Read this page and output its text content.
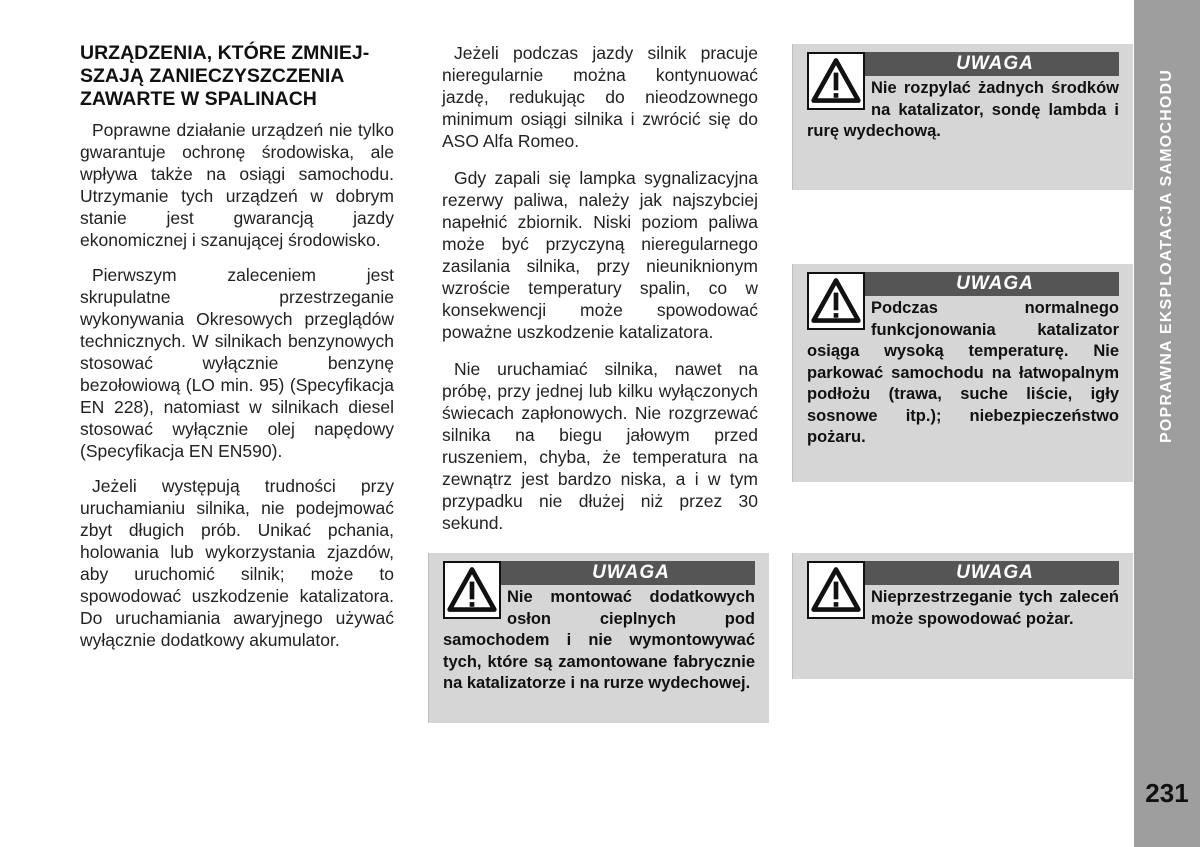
URZĄDZENIA, KTÓRE ZMNIEJ-SZAJĄ ZANIECZYSZCZENIA ZAWARTE W SPALINACH

Poprawne działanie urządzeń nie tylko gwarantuje ochronę środowiska, ale wpływa także na osiągi samochodu. Utrzymanie tych urządzeń w dobrym stanie jest gwarancją jazdy ekonomicznej i szanującej środowisko.

Pierwszym zaleceniem jest skrupulatne przestrzeganie wykonywania Okresowych przeglądów technicznych. W silnikach benzynowych stosować wyłącznie benzynę bezołowiową (LO min. 95) (Specyfikacja EN 228), natomiast w silnikach diesel stosować wyłącznie olej napędowy (Specyfikacja EN EN590).

Jeżeli występują trudności przy uruchamianiu silnika, nie podejmować zbyt długich prób. Unikać pchania, holowania lub wykorzystania zjazdów, aby uruchomić silnik; może to spowodować uszkodzenie katalizatora. Do uruchamiania awaryjnego używać wyłącznie dodatkowy akumulator.

Jeżeli podczas jazdy silnik pracuje nieregularnie można kontynuować jazdę, redukując do nieodzownego minimum osiągi silnika i zwrócić się do ASO Alfa Romeo.

Gdy zapali się lampka sygnalizacyjna rezerwy paliwa, należy jak najszybciej napełnić zbiornik. Niski poziom paliwa może być przyczyną nieregularnego zasilania silnika, przy nieuniknionym wzroście temperatury spalin, co w konsekwencji może spowodować poważne uszkodzenie katalizatora.

Nie uruchamiać silnika, nawet na próbę, przy jednej lub kilku wyłączonych świecach zapłonowych. Nie rozgrzewać silnika na biegu jałowym przed ruszeniem, chyba, że temperatura na zewnątrz jest bardzo niska, a i w tym przypadku nie dłużej niż przez 30 sekund.

UWAGA
Nie rozpylać żadnych środków na katalizator, sondę lambda i rurę wydechową.
UWAGA
Podczas normalnego funkcjonowania katalizator osiąga wysoką temperaturę. Nie parkować samochodu na łatwopalnym podłożu (trawa, suche liście, igły sosnowe itp.); niebezpieczeństwo pożaru.
UWAGA
Nie montować dodatkowych osłon cieplnych pod samochodem i nie wymontowywać tych, które są zamontowane fabrycznie na katalizatorze i na rurze wydechowej.
UWAGA
Nieprzestrzeganie tych zaleceń może spowodować pożar.
POPRAWNA EKSPLOATACJA SAMOCHODU
231
